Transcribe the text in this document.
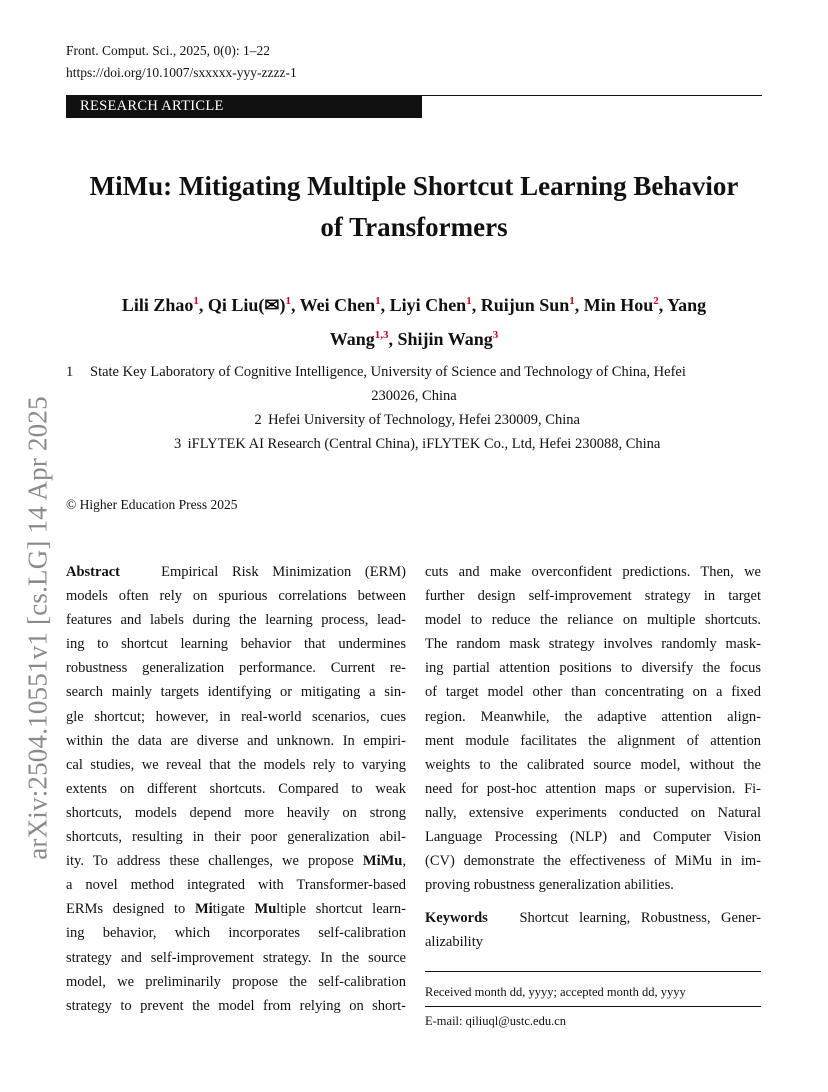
Front. Comput. Sci., 2025, 0(0): 1–22
https://doi.org/10.1007/sxxxxx-yyy-zzzz-1
RESEARCH ARTICLE
MiMu: Mitigating Multiple Shortcut Learning Behavior
of Transformers
Lili Zhao$^1$, Qi Liu(✉)$^1$, Wei Chen$^1$, Liyi Chen$^1$, Ruijun Sun$^1$, Min Hou$^2$, Yang
Wang$^{1,3}$, Shijin Wang$^3$
1 State Key Laboratory of Cognitive Intelligence, University of Science and Technology of China, Hefei
230026, China
2 Hefei University of Technology, Hefei 230009, China
3 iFLYTEK AI Research (Central China), iFLYTEK Co., Ltd, Hefei 230088, China
© Higher Education Press 2025
arXiv:2504.10551v1 [cs.LG] 14 Apr 2025 Abstract	Empirical Risk Minimization (ERM)
models often rely on spurious correlations between
features and labels during the learning process, lead-
ing to shortcut learning behavior that undermines
robustness generalization performance. Current re-
search mainly targets identifying or mitigating a sin-
gle shortcut; however, in real-world scenarios, cues
within the data are diverse and unknown. In empiri-
cal studies, we reveal that the models rely to varying
extents on different shortcuts. Compared to weak
shortcuts, models depend more heavily on strong
shortcuts, resulting in their poor generalization abil-
ity. To address these challenges, we propose MiMu,
a novel method integrated with Transformer-based
ERMs designed to Mitigate Multiple shortcut learn-
ing behavior, which incorporates self-calibration
strategy and self-improvement strategy. In the source
model, we preliminarily propose the self-calibration
strategy to prevent the model from relying on short-
cuts and make overconfident predictions. Then, we
further design self-improvement strategy in target
model to reduce the reliance on multiple shortcuts.
The random mask strategy involves randomly mask-
ing partial attention positions to diversify the focus
of target model other than concentrating on a fixed
region. Meanwhile, the adaptive attention align-
ment module facilitates the alignment of attention
weights to the calibrated source model, without the
need for post-hoc attention maps or supervision. Fi-
nally, extensive experiments conducted on Natural
Language Processing (NLP) and Computer Vision
(CV) demonstrate the effectiveness of MiMu in im-
proving robustness generalization abilities.
Keywords Shortcut learning, Robustness, Gener-
alizability
Received month dd, yyyy; accepted month dd, yyyy
E-mail: qiliuql@ustc.edu.cn
